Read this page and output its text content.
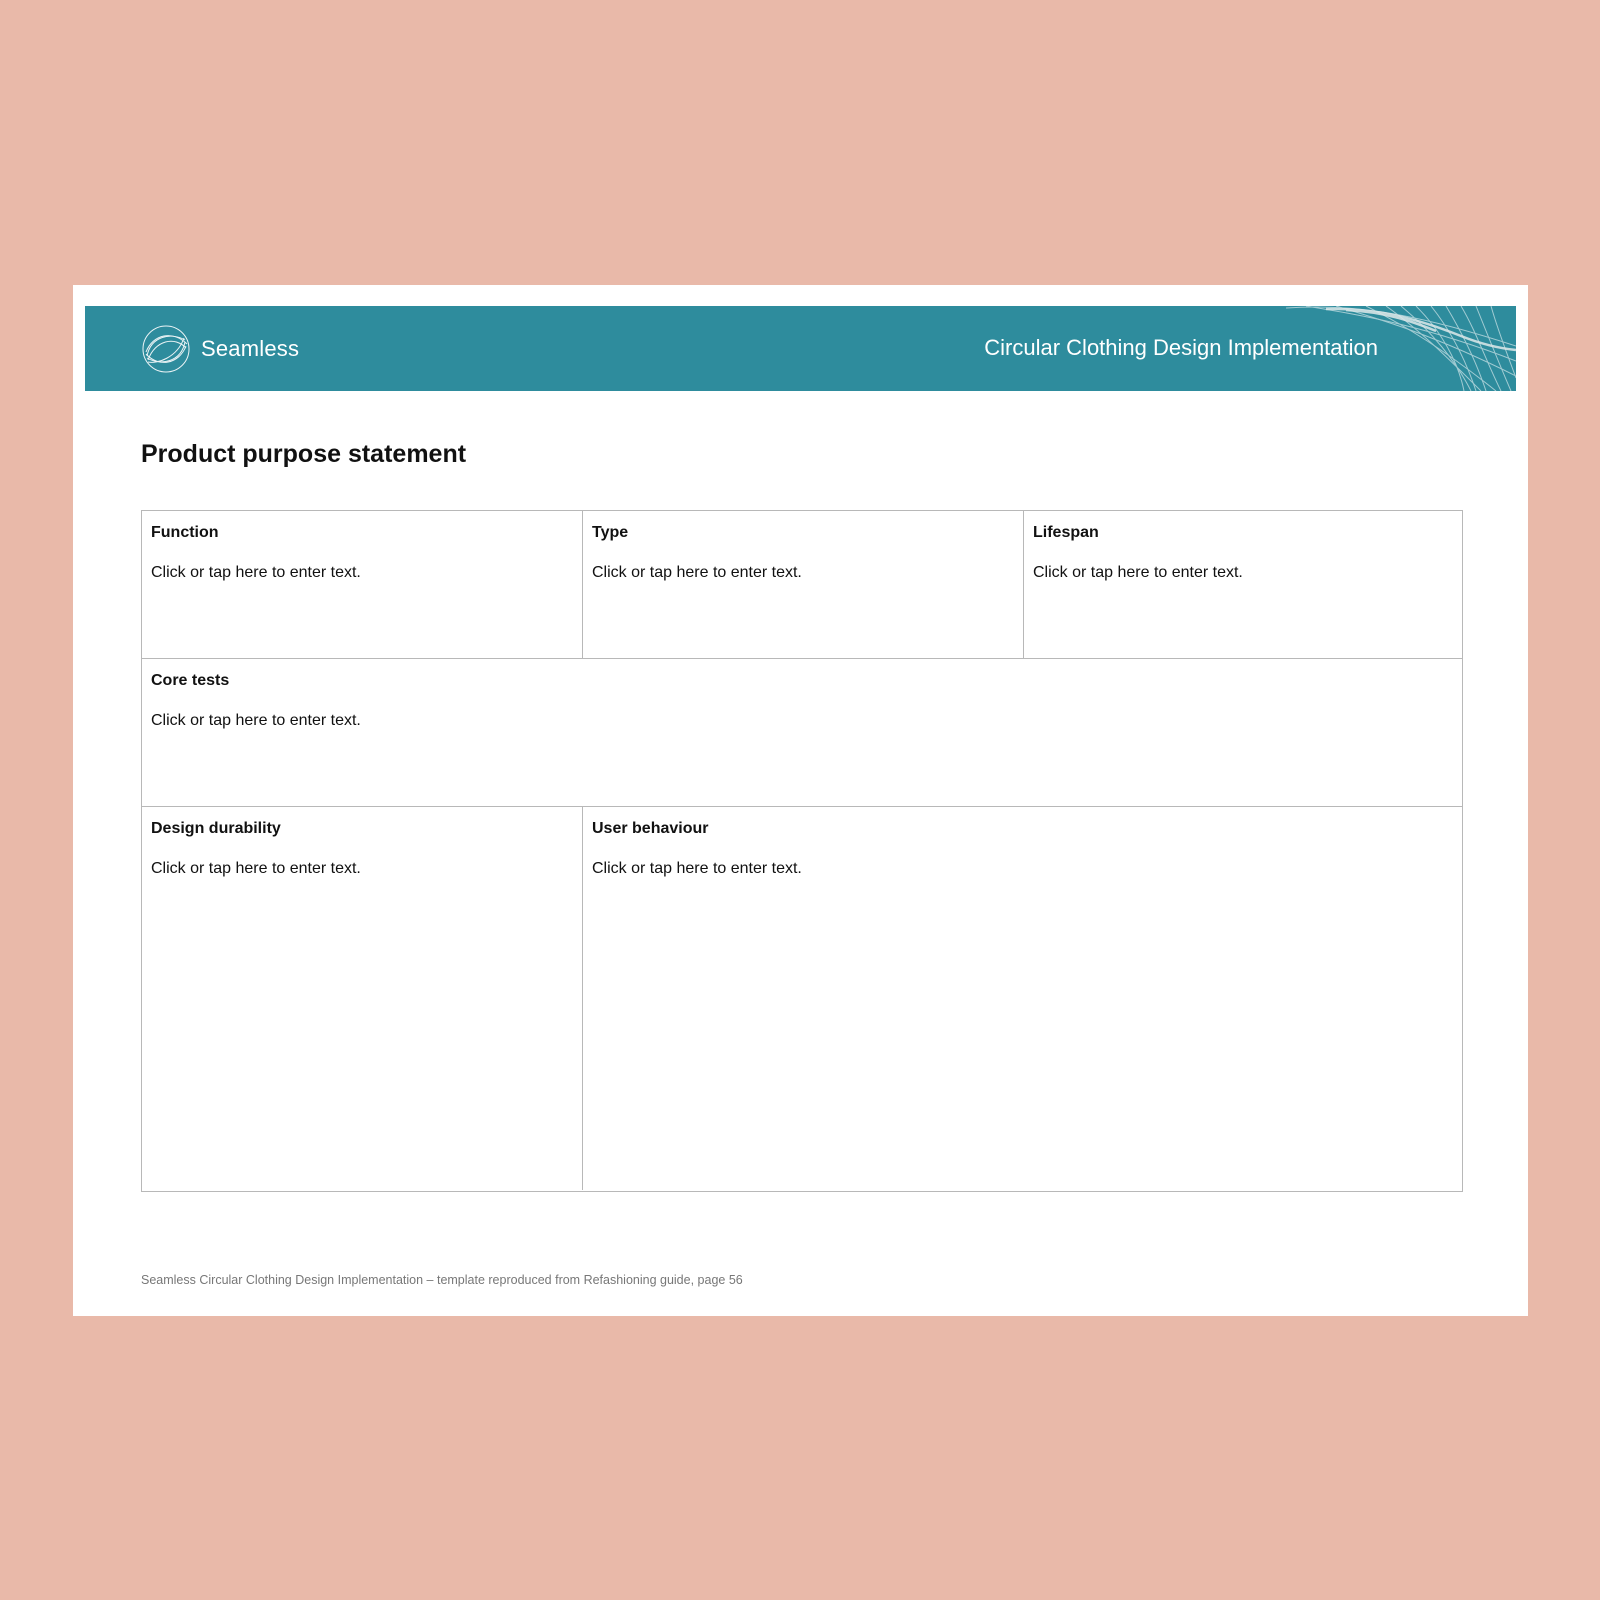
Seamless	Circular Clothing Design Implementation
Product purpose statement
Function
Click or tap here to enter text.
Type
Click or tap here to enter text.
Lifespan
Click or tap here to enter text.
Core tests
Click or tap here to enter text.
Design durability
Click or tap here to enter text.
User behaviour
Click or tap here to enter text.
Seamless Circular Clothing Design Implementation – template reproduced from Refashioning guide, page 56
